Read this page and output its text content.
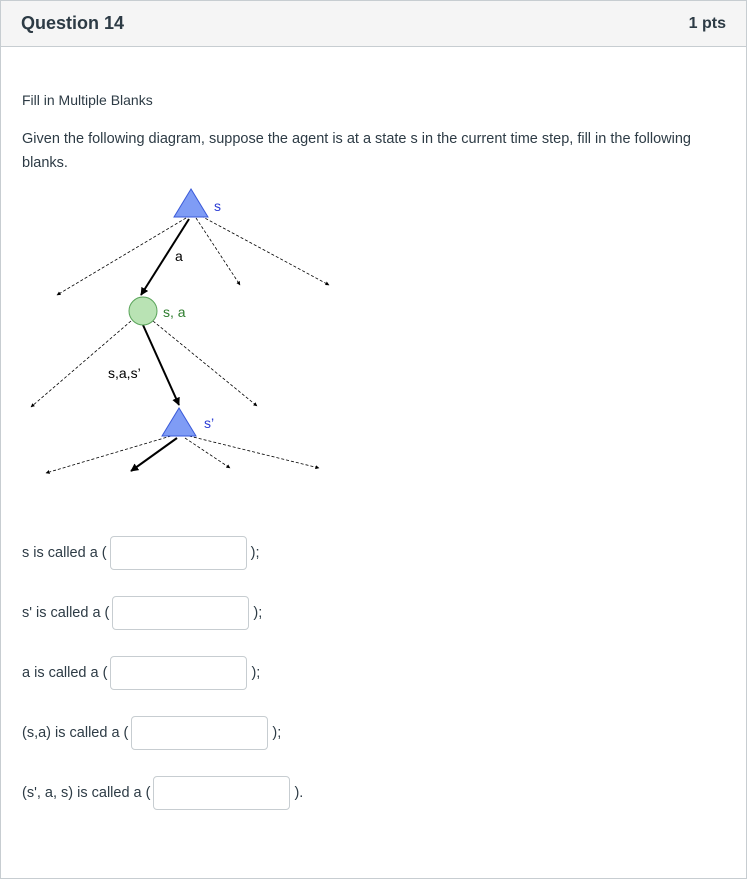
Question 14	1 pts
Fill in Multiple Blanks
Given the following diagram, suppose the agent is at a state s in the current time step, fill in the following blanks.
s
a
s, a
s,a,s’
s’
s is called a (	);
s' is called a (	);
a is called a (	);
(s,a) is called a (	);
(s', a, s) is called a (	).
